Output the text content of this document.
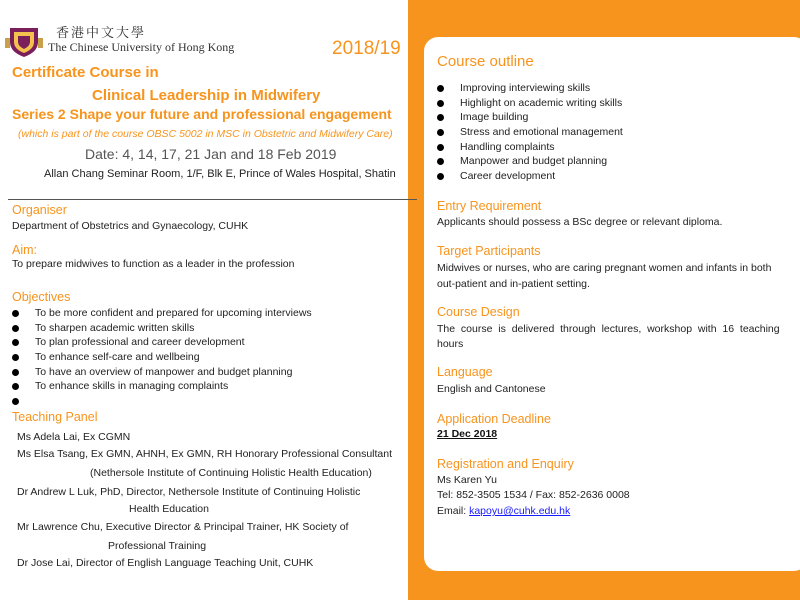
香港中文大學
The Chinese University of Hong Kong	2018/19
Certificate Course in
Clinical Leadership in Midwifery
Series 2 Shape your future and professional engagement
(which is part of the course OBSC 5002 in MSC in Obstetric and Midwifery Care)
Date: 4, 14, 17, 21 Jan and 18 Feb 2019
Allan Chang Seminar Room, 1/F, Blk E, Prince of Wales Hospital, Shatin
Organiser
Department of Obstetrics and Gynaecology, CUHK
Aim:
To prepare midwives to function as a leader in the profession
Objectives
To be more confident and prepared for upcoming interviews
To sharpen academic written skills
To plan professional and career development
To enhance self-care and wellbeing
To have an overview of manpower and budget planning
To enhance skills in managing complaints
Teaching Panel
Ms Adela Lai, Ex CGMN
Ms Elsa Tsang, Ex GMN, AHNH, Ex GMN, RH Honorary Professional Consultant
(Nethersole Institute of Continuing Holistic Health Education)
Dr Andrew L Luk, PhD, Director, Nethersole Institute of Continuing Holistic
Health Education
Mr Lawrence Chu, Executive Director & Principal Trainer, HK Society of
Professional Training
Dr Jose Lai, Director of English Language Teaching Unit, CUHK
Course outline
Improving interviewing skills
Highlight on academic writing skills
Image building
Stress and emotional management
Handling complaints
Manpower and budget planning
Career development
Entry Requirement
Applicants should possess a BSc degree or relevant diploma.
Target Participants
Midwives or nurses, who are caring pregnant women and infants in both
out-patient and in-patient setting.
Course Design
The  course  is  delivered  through  lectures,  workshop  with  16  teaching
hours
Language
English and Cantonese
Application Deadline
21 Dec 2018
Registration and Enquiry
Ms Karen Yu
Tel: 852-3505 1534 / Fax: 852-2636 0008
Email: kapoyu@cuhk.edu.hk
